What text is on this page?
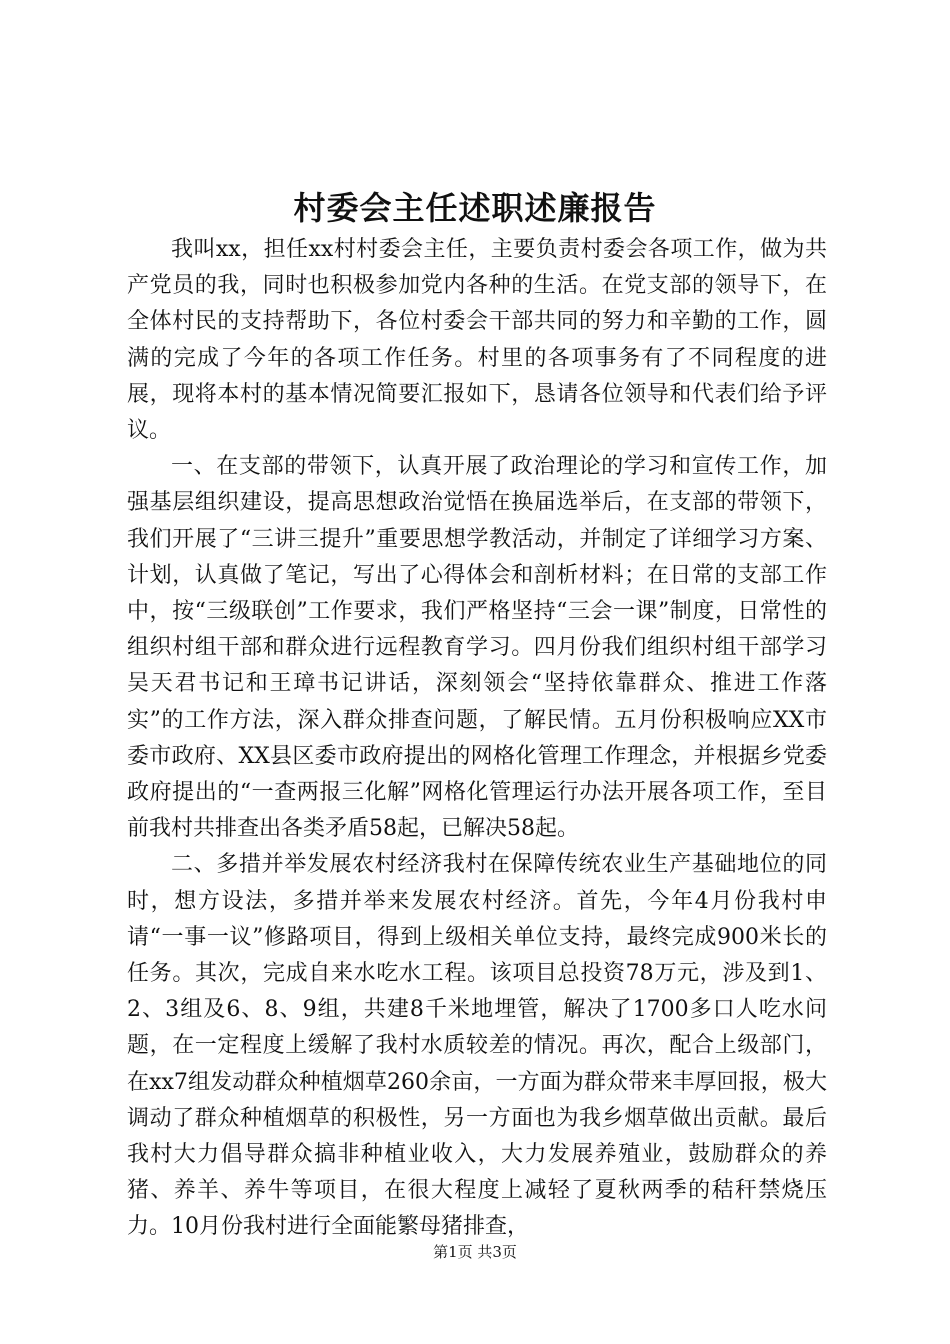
村委会主任述职述廉报告

我叫xx，担任xx村村委会主任，主要负责村委会各项工作，做为共产党员的我，同时也积极参加党内各种的生活。在党支部的领导下，在全体村民的支持帮助下，各位村委会干部共同的努力和辛勤的工作，圆满的完成了今年的各项工作任务。村里的各项事务有了不同程度的进展，现将本村的基本情况简要汇报如下，恳请各位领导和代表们给予评议。

一、在支部的带领下，认真开展了政治理论的学习和宣传工作，加强基层组织建设，提高思想政治觉悟在换届选举后，在支部的带领下，我们开展了“三讲三提升”重要思想学教活动，并制定了详细学习方案、计划，认真做了笔记，写出了心得体会和剖析材料；在日常的支部工作中，按“三级联创”工作要求，我们严格坚持“三会一课”制度，日常性的组织村组干部和群众进行远程教育学习。四月份我们组织村组干部学习吴天君书记和王璋书记讲话，深刻领会“坚持依靠群众、推进工作落实”的工作方法，深入群众排查问题，了解民情。五月份积极响应XX市委市政府、XX县区委市政府提出的网格化管理工作理念，并根据乡党委政府提出的“一查两报三化解”网格化管理运行办法开展各项工作，至目前我村共排查出各类矛盾58起，已解决58起。

二、多措并举发展农村经济我村在保障传统农业生产基础地位的同时，想方设法，多措并举来发展农村经济。首先，今年4月份我村申请“一事一议”修路项目，得到上级相关单位支持，最终完成900米长的任务。其次，完成自来水吃水工程。该项目总投资78万元，涉及到1、2、3组及6、8、9组，共建8千米地埋管，解决了1700多口人吃水问题，在一定程度上缓解了我村水质较差的情况。再次，配合上级部门，在xx7组发动群众种植烟草260余亩，一方面为群众带来丰厚回报，极大调动了群众种植烟草的积极性，另一方面也为我乡烟草做出贡献。最后我村大力倡导群众搞非种植业收入，大力发展养殖业，鼓励群众的养猪、养羊、养牛等项目，在很大程度上减轻了夏秋两季的秸秆禁烧压力。10月份我村进行全面能繁母猪排查，

第1页 共3页
